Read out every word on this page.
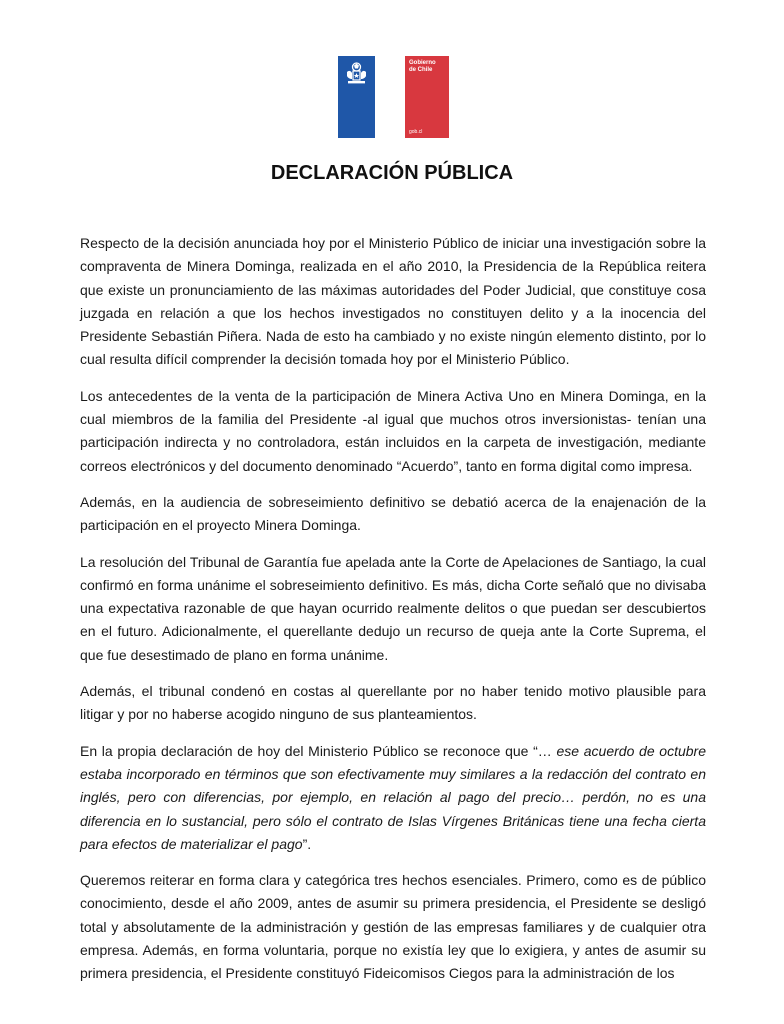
Gobierno
de Chile
gob.cl
DECLARACIÓN PÚBLICA

Respecto de la decisión anunciada hoy por el Ministerio Público de iniciar una investigación sobre la compraventa de Minera Dominga, realizada en el año 2010, la Presidencia de la República reitera que existe un pronunciamiento de las máximas autoridades del Poder Judicial, que constituye cosa juzgada en relación a que los hechos investigados no constituyen delito y a la inocencia del Presidente Sebastián Piñera. Nada de esto ha cambiado y no existe ningún elemento distinto, por lo cual resulta difícil comprender la decisión tomada hoy por el Ministerio Público.

Los antecedentes de la venta de la participación de Minera Activa Uno en Minera Dominga, en la cual miembros de la familia del Presidente -al igual que muchos otros inversionistas- tenían una participación indirecta y no controladora, están incluidos en la carpeta de investigación, mediante correos electrónicos y del documento denominado “Acuerdo”, tanto en forma digital como impresa.

Además, en la audiencia de sobreseimiento definitivo se debatió acerca de la enajenación de la participación en el proyecto Minera Dominga.

La resolución del Tribunal de Garantía fue apelada ante la Corte de Apelaciones de Santiago, la cual confirmó en forma unánime el sobreseimiento definitivo. Es más, dicha Corte señaló que no divisaba una expectativa razonable de que hayan ocurrido realmente delitos o que puedan ser descubiertos en el futuro. Adicionalmente, el querellante dedujo un recurso de queja ante la Corte Suprema, el que fue desestimado de plano en forma unánime.

Además, el tribunal condenó en costas al querellante por no haber tenido motivo plausible para litigar y por no haberse acogido ninguno de sus planteamientos.

En la propia declaración de hoy del Ministerio Público se reconoce que “… ese acuerdo de octubre estaba incorporado en términos que son efectivamente muy similares a la redacción del contrato en inglés, pero con diferencias, por ejemplo, en relación al pago del precio… perdón, no es una diferencia en lo sustancial, pero sólo el contrato de Islas Vírgenes Británicas tiene una fecha cierta para efectos de materializar el pago”.

Queremos reiterar en forma clara y categórica tres hechos esenciales. Primero, como es de público conocimiento, desde el año 2009, antes de asumir su primera presidencia, el Presidente se desligó total y absolutamente de la administración y gestión de las empresas familiares y de cualquier otra empresa. Además, en forma voluntaria, porque no existía ley que lo exigiera, y antes de asumir su primera presidencia, el Presidente constituyó Fideicomisos Ciegos para la administración de los
